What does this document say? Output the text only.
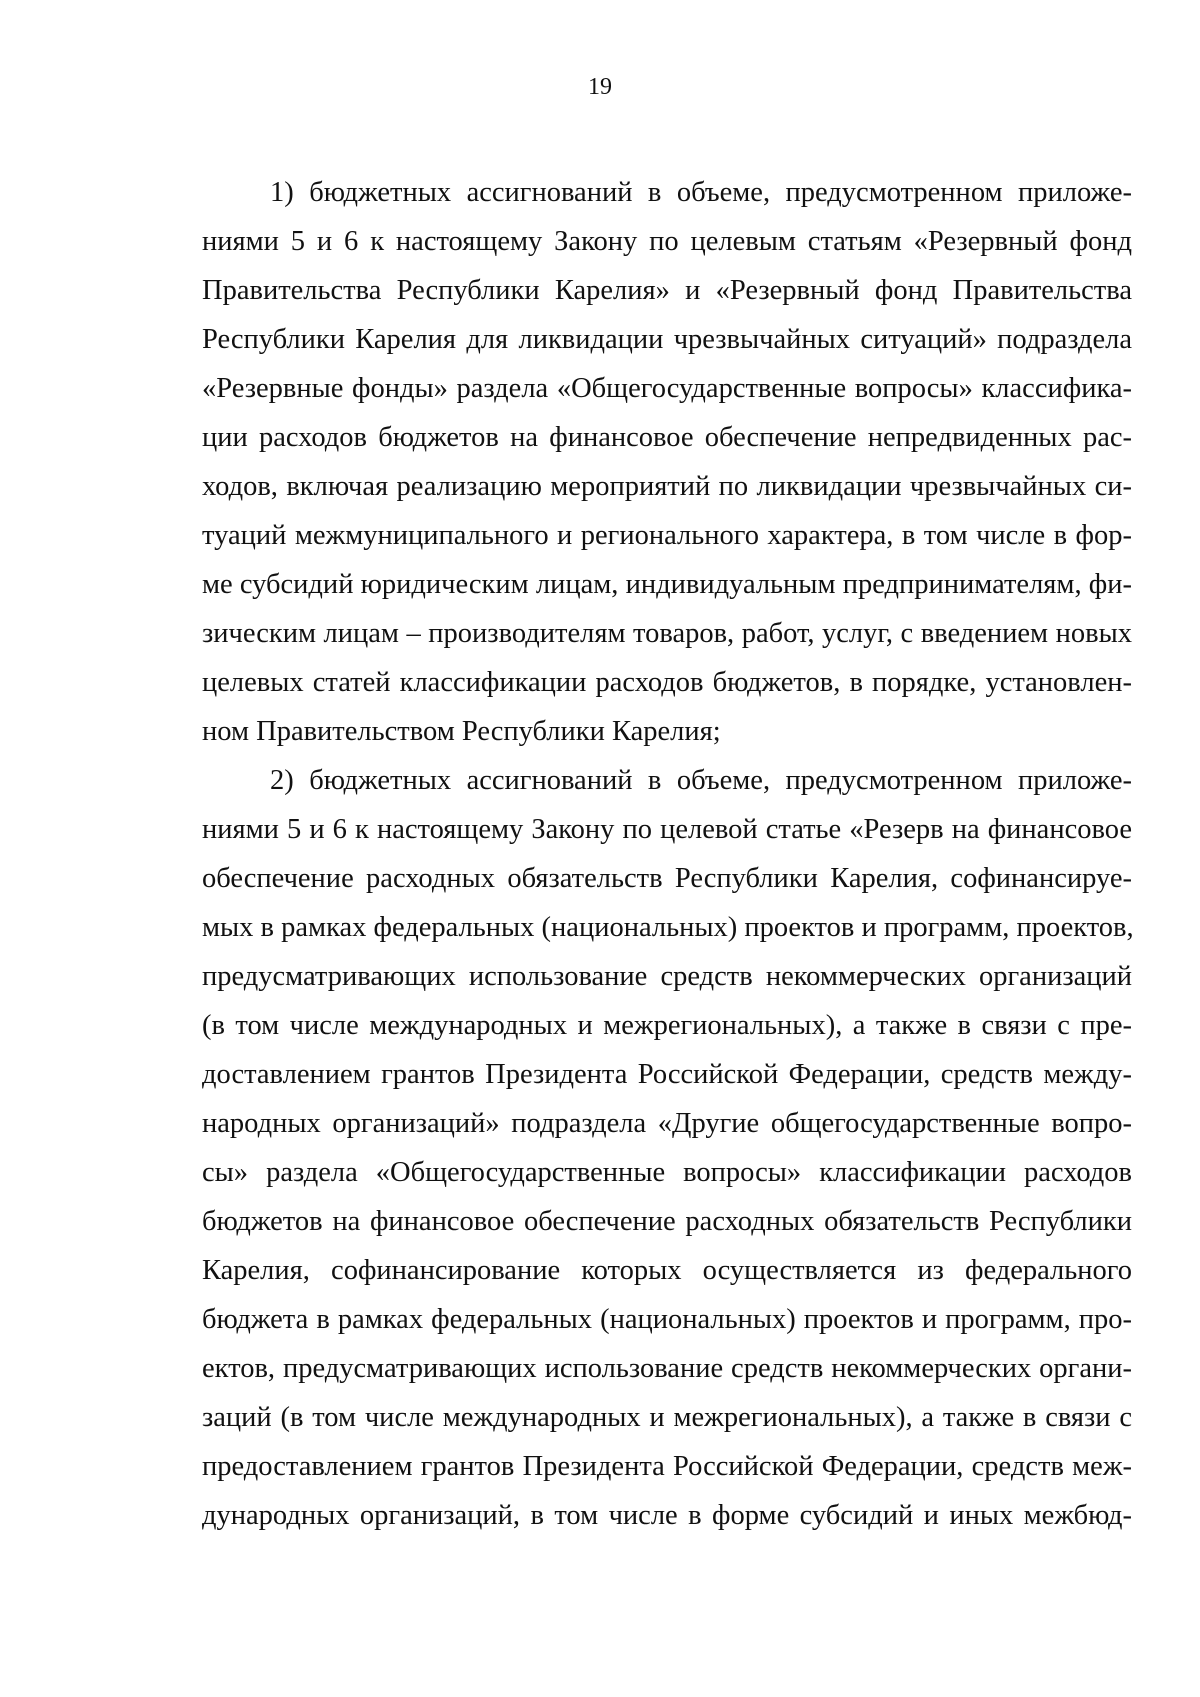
19

1) бюджетных ассигнований в объеме, предусмотренном приложе-
ниями 5 и 6 к настоящему Закону по целевым статьям «Резервный фонд
Правительства Республики Карелия» и «Резервный фонд Правительства
Республики Карелия для ликвидации чрезвычайных ситуаций» подраздела
«Резервные фонды» раздела «Общегосударственные вопросы» классифика-
ции расходов бюджетов на финансовое обеспечение непредвиденных рас-
ходов, включая реализацию мероприятий по ликвидации чрезвычайных си-
туаций межмуниципального и регионального характера, в том числе в фор-
ме субсидий юридическим лицам, индивидуальным предпринимателям, фи-
зическим лицам – производителям товаров, работ, услуг, с введением новых
целевых статей классификации расходов бюджетов, в порядке, установлен-
ном Правительством Республики Карелия;

2) бюджетных ассигнований в объеме, предусмотренном приложе-
ниями 5 и 6 к настоящему Закону по целевой статье «Резерв на финансовое
обеспечение расходных обязательств Республики Карелия, софинансируе-
мых в рамках федеральных (национальных) проектов и программ, проектов,
предусматривающих использование средств некоммерческих организаций
(в том числе международных и межрегиональных), а также в связи с пре-
доставлением грантов Президента Российской Федерации, средств между-
народных организаций» подраздела «Другие общегосударственные вопро-
сы» раздела «Общегосударственные вопросы» классификации расходов
бюджетов на финансовое обеспечение расходных обязательств Республики
Карелия, софинансирование которых осуществляется из федерального
бюджета в рамках федеральных (национальных) проектов и программ, про-
ектов, предусматривающих использование средств некоммерческих органи-
заций (в том числе международных и межрегиональных), а также в связи с
предоставлением грантов Президента Российской Федерации, средств меж-
дународных организаций, в том числе в форме субсидий и иных межбюд-
